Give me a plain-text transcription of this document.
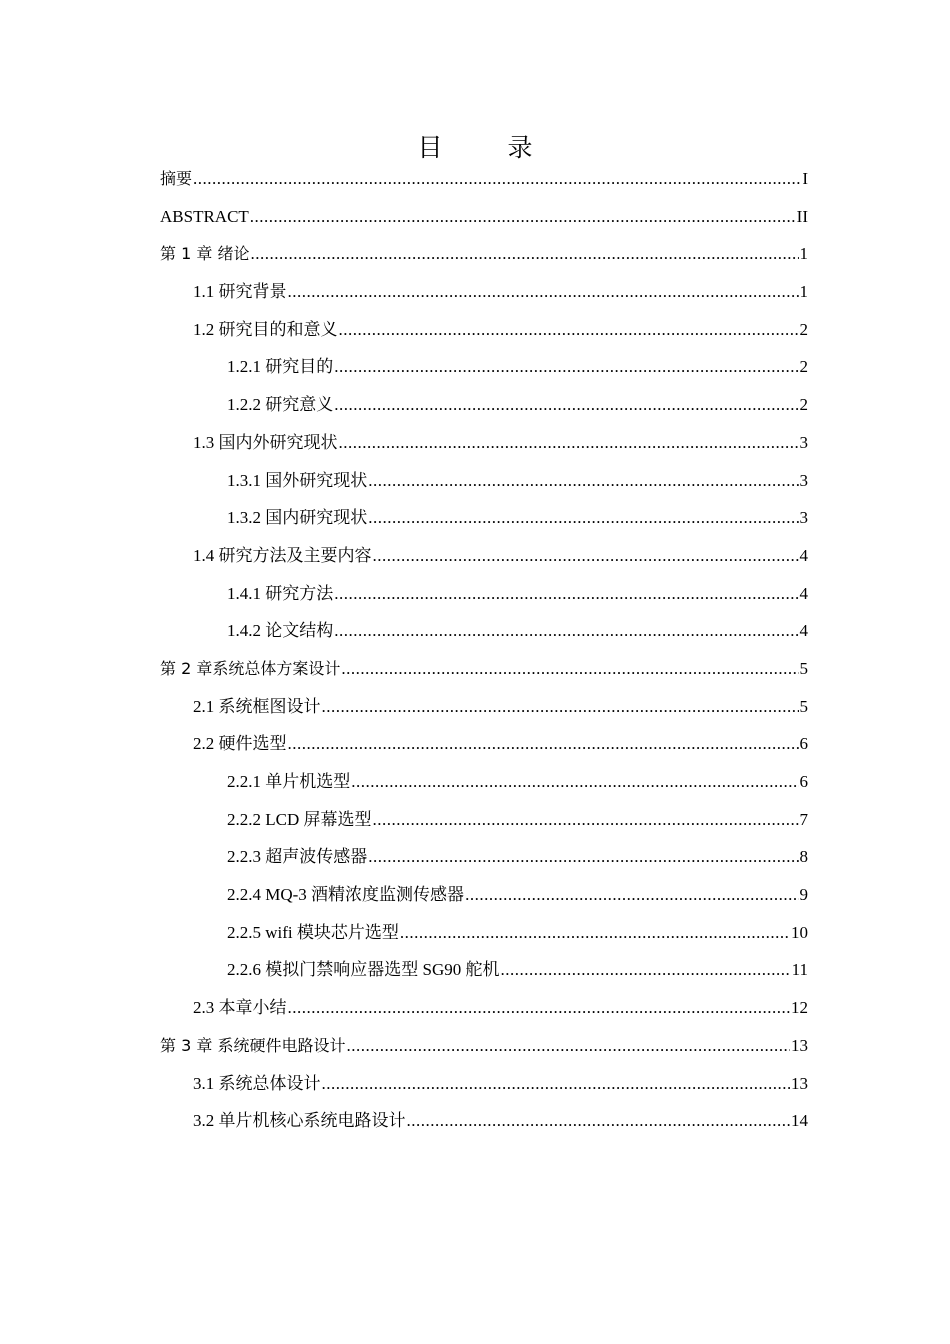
目　录
摘要 .....	I
ABSTRACT .....	II
第 1 章 绪论 .....	1
1.1 研究背景 .....	1
1.2 研究目的和意义 .....	2
1.2.1 研究目的 .....	2
1.2.2 研究意义 .....	2
1.3 国内外研究现状 .....	3
1.3.1 国外研究现状 .....	3
1.3.2 国内研究现状 .....	3
1.4 研究方法及主要内容 .....	4
1.4.1 研究方法 .....	4
1.4.2 论文结构 .....	4
第 2 章系统总体方案设计 .....	5
2.1 系统框图设计 .....	5
2.2 硬件选型 .....	6
2.2.1 单片机选型 .....	6
2.2.2 LCD 屏幕选型 .....	7
2.2.3 超声波传感器 .....	8
2.2.4 MQ-3 酒精浓度监测传感器 .....	9
2.2.5 wifi 模块芯片选型 .....	10
2.2.6 模拟门禁响应器选型 SG90 舵机 .....	11
2.3 本章小结 .....	12
第 3 章 系统硬件电路设计 .....	13
3.1 系统总体设计 .....	13
3.2 单片机核心系统电路设计 .....	14
